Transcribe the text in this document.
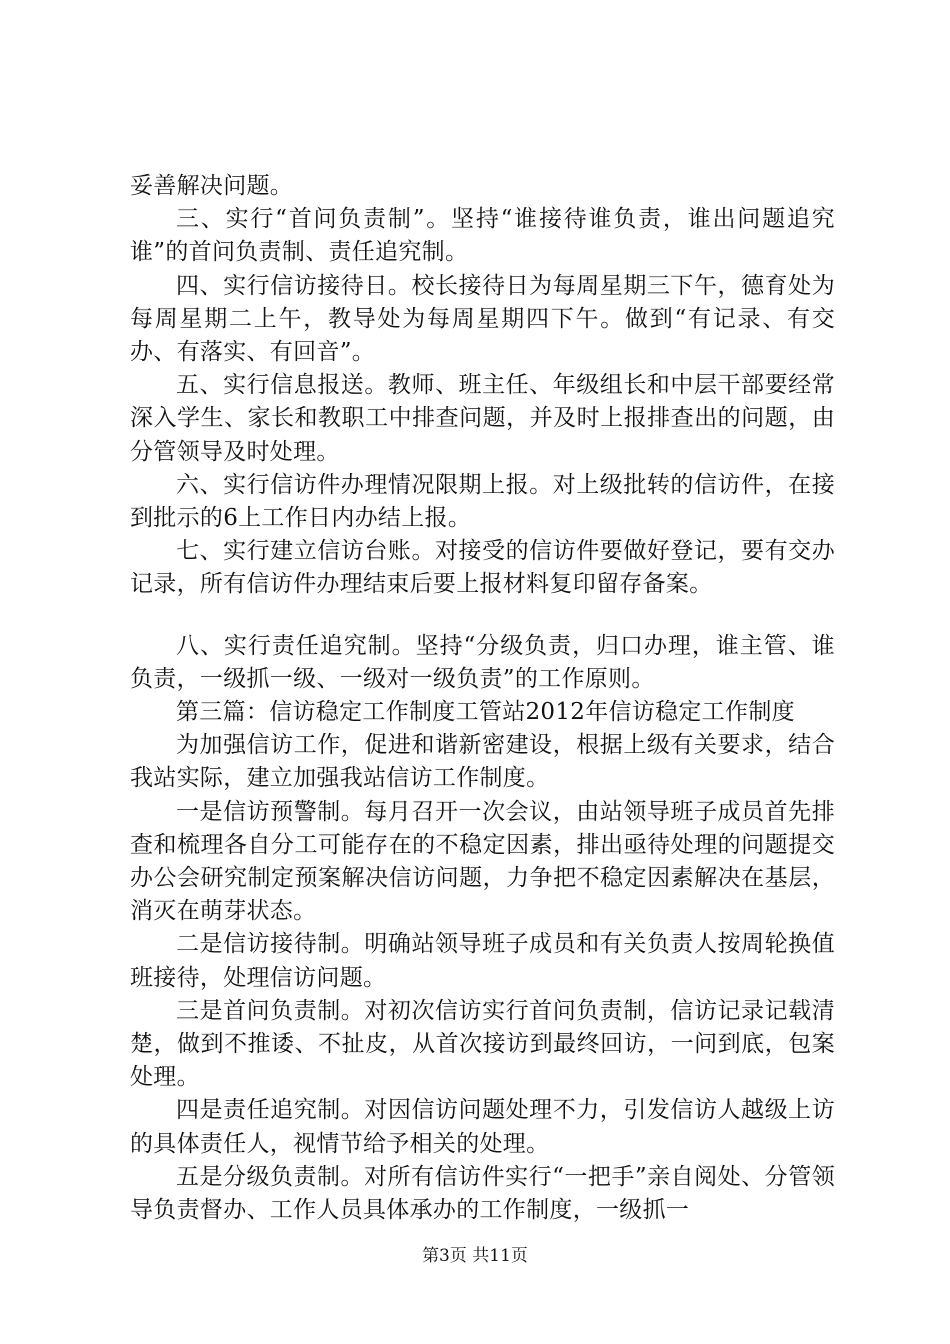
妥善解决问题。

三、实行“首问负责制”。坚持“谁接待谁负责，谁出问题追究谁”的首问负责制、责任追究制。

四、实行信访接待日。校长接待日为每周星期三下午，德育处为每周星期二上午，教导处为每周星期四下午。做到“有记录、有交办、有落实、有回音”。

五、实行信息报送。教师、班主任、年级组长和中层干部要经常深入学生、家长和教职工中排查问题，并及时上报排查出的问题，由分管领导及时处理。

六、实行信访件办理情况限期上报。对上级批转的信访件，在接到批示的6上工作日内办结上报。

七、实行建立信访台账。对接受的信访件要做好登记，要有交办记录，所有信访件办理结束后要上报材料复印留存备案。

八、实行责任追究制。坚持“分级负责，归口办理，谁主管、谁负责，一级抓一级、一级对一级负责”的工作原则。

第三篇：信访稳定工作制度工管站2012年信访稳定工作制度

为加强信访工作，促进和谐新密建设，根据上级有关要求，结合我站实际，建立加强我站信访工作制度。

一是信访预警制。每月召开一次会议，由站领导班子成员首先排查和梳理各自分工可能存在的不稳定因素，排出亟待处理的问题提交办公会研究制定预案解决信访问题，力争把不稳定因素解决在基层，消灭在萌芽状态。

二是信访接待制。明确站领导班子成员和有关负责人按周轮换值班接待，处理信访问题。

三是首问负责制。对初次信访实行首问负责制，信访记录记载清楚，做到不推诿、不扯皮，从首次接访到最终回访，一问到底，包案处理。

四是责任追究制。对因信访问题处理不力，引发信访人越级上访的具体责任人，视情节给予相关的处理。

五是分级负责制。对所有信访件实行“一把手”亲自阅处、分管领导负责督办、工作人员具体承办的工作制度，一级抓一

第3页 共11页
